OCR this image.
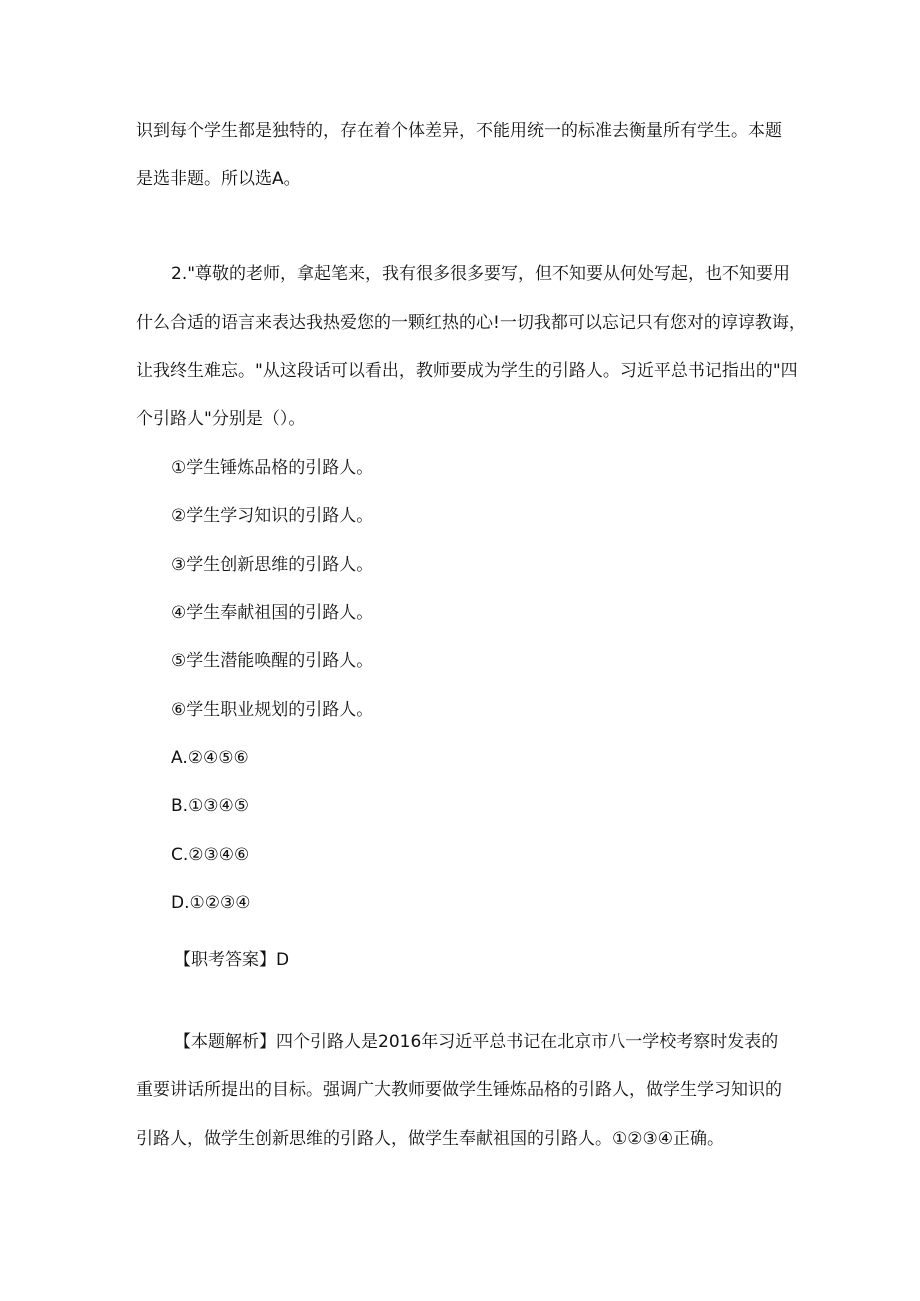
识到每个学生都是独特的，存在着个体差异，不能用统一的标准去衡量所有学生。本题
是选非题。所以选A。
2."尊敬的老师，拿起笔来，我有很多很多要写，但不知要从何处写起，也不知要用
什么合适的语言来表达我热爱您的一颗红热的心!一切我都可以忘记只有您对的谆谆教诲，
让我终生难忘。"从这段话可以看出，教师要成为学生的引路人。习近平总书记指出的"四
个引路人"分别是（）。
①学生锤炼品格的引路人。
②学生学习知识的引路人。
③学生创新思维的引路人。
④学生奉献祖国的引路人。
⑤学生潜能唤醒的引路人。
⑥学生职业规划的引路人。
A.②④⑤⑥
B.①③④⑤
C.②③④⑥
D.①②③④
【职考答案】D
【本题解析】四个引路人是2016年习近平总书记在北京市八一学校考察时发表的
重要讲话所提出的目标。强调广大教师要做学生锤炼品格的引路人，做学生学习知识的
引路人，做学生创新思维的引路人，做学生奉献祖国的引路人。①②③④正确。
